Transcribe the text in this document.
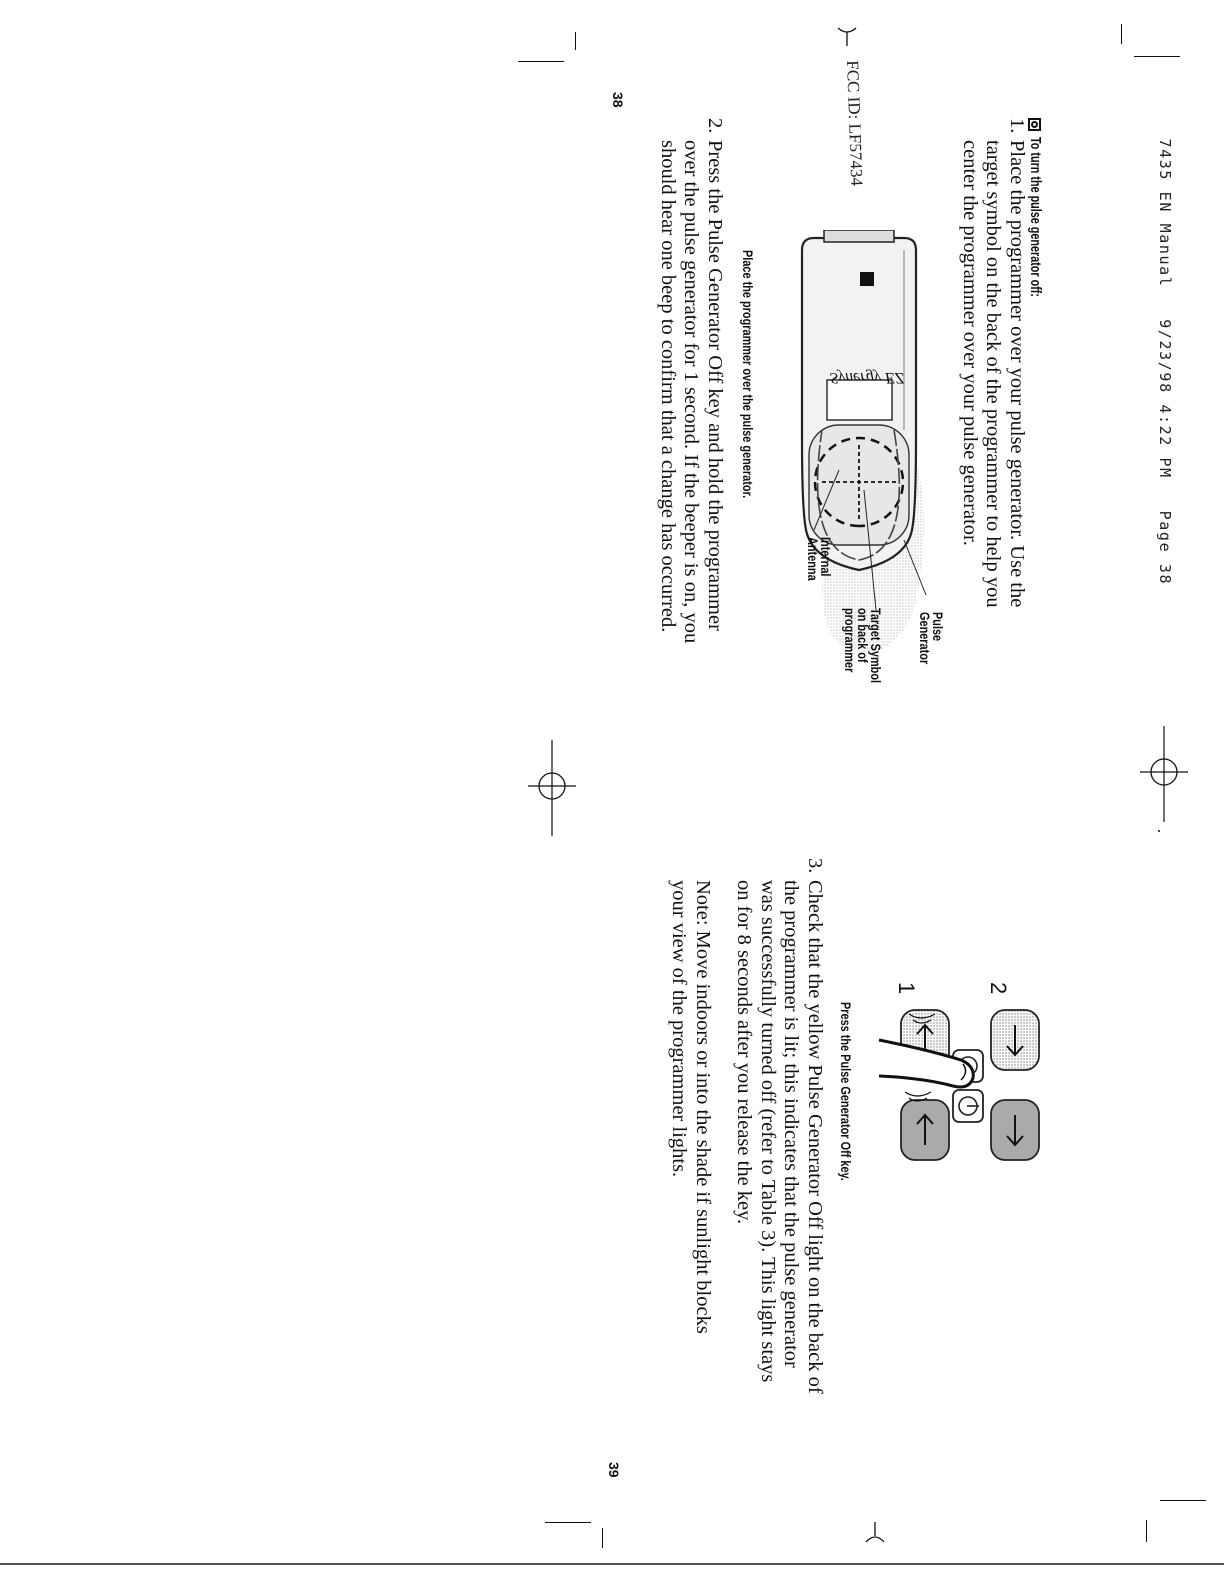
7435 EN Manual   9/23/98 4:22 PM   Page 38

FCC ID: LF57434
38
To turn the pulse generator off:
1.
Place the programmer over your pulse generator. Use the
target symbol on the back of the programmer to help you
center the programmer over your pulse generator.
Synergy EZ
Pulse
Generator
Target Symbol
on back of
programmer
Internal
Antenna
Place the programmer over the pulse generator.
2.
Press the Pulse Generator Off key and hold the programmer
over the pulse generator for 1 second. If the beeper is on, you
should hear one beep to confirm that a change has occurred.
1	2
Press the Pulse Generator Off key.
3.
Check that the yellow Pulse Generator Off light on the back of
the programmer is lit; this indicates that the pulse generator
was successfully turned off (refer to Table 3). This light stays
on for 8 seconds after you release the key.
Note: Move indoors or into the shade if sunlight blocks
your view of the programmer lights.
39
